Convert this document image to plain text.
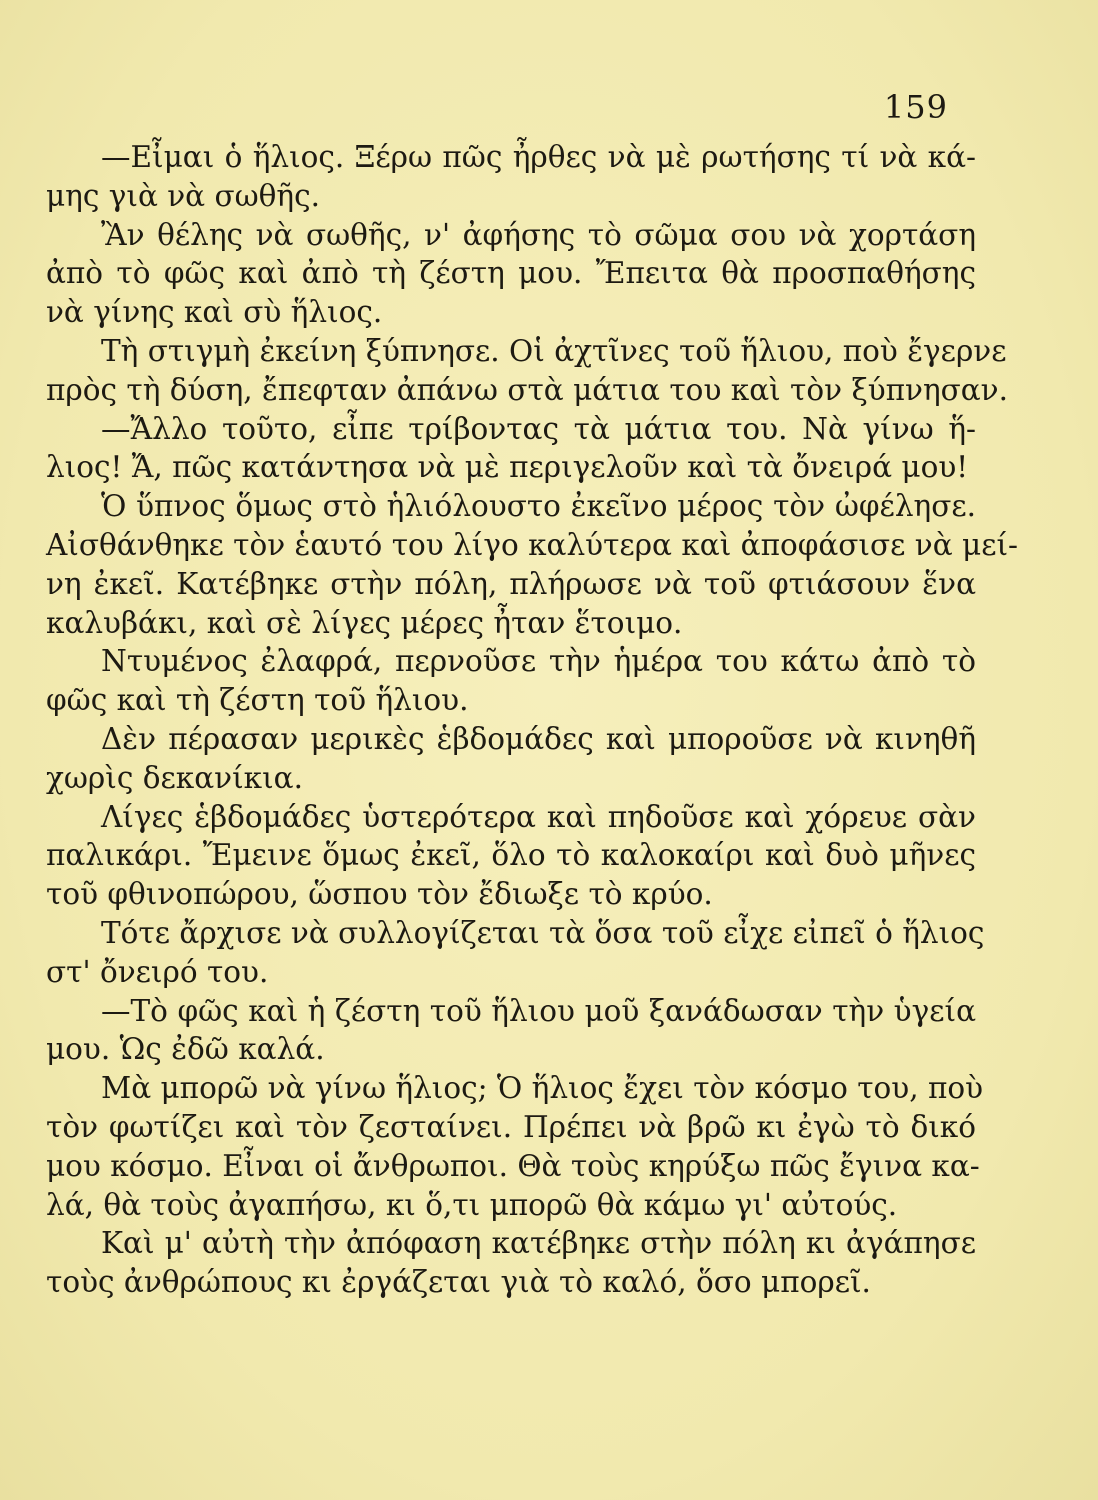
159
—Εἶμαι ὁ ἥλιος. Ξέρω πῶς ἦρθες νὰ μὲ ρωτήσης τί νὰ κά-
μης γιὰ νὰ σωθῆς.
Ἂν θέλης νὰ σωθῆς, ν' ἀφήσης τὸ σῶμα σου νὰ χορτάση
ἀπὸ τὸ φῶς καὶ ἀπὸ τὴ ζέστη μου. Ἔπειτα θὰ προσπαθήσης
νὰ γίνης καὶ σὺ ἥλιος.
Τὴ στιγμὴ ἐκείνη ξύπνησε. Οἱ ἀχτῖνες τοῦ ἥλιου, ποὺ ἔγερνε
πρὸς τὴ δύση, ἔπεφταν ἀπάνω στὰ μάτια του καὶ τὸν ξύπνησαν.
—Ἄλλο τοῦτο, εἶπε τρίβοντας τὰ μάτια του. Νὰ γίνω ἥ-
λιος! Ἄ, πῶς κατάντησα νὰ μὲ περιγελοῦν καὶ τὰ ὄνειρά μου!
Ὁ ὕπνος ὅμως στὸ ἡλιόλουστο ἐκεῖνο μέρος τὸν ὠφέλησε.
Αἰσθάνθηκε τὸν ἑαυτό του λίγο καλύτερα καὶ ἀποφάσισε νὰ μεί-
νη ἐκεῖ. Κατέβηκε στὴν πόλη, πλήρωσε νὰ τοῦ φτιάσουν ἕνα
καλυβάκι, καὶ σὲ λίγες μέρες ἦταν ἕτοιμο.
Ντυμένος ἐλαφρά, περνοῦσε τὴν ἡμέρα του κάτω ἀπὸ τὸ
φῶς καὶ τὴ ζέστη τοῦ ἥλιου.
Δὲν πέρασαν μερικὲς ἑβδομάδες καὶ μποροῦσε νὰ κινηθῆ
χωρὶς δεκανίκια.
Λίγες ἑβδομάδες ὑστερότερα καὶ πηδοῦσε καὶ χόρευε σὰν
παλικάρι. Ἔμεινε ὅμως ἐκεῖ, ὅλο τὸ καλοκαίρι καὶ δυὸ μῆνες
τοῦ φθινοπώρου, ὥσπου τὸν ἔδιωξε τὸ κρύο.
Τότε ἄρχισε νὰ συλλογίζεται τὰ ὅσα τοῦ εἶχε εἰπεῖ ὁ ἥλιος
στ' ὄνειρό του.
—Τὸ φῶς καὶ ἡ ζέστη τοῦ ἥλιου μοῦ ξανάδωσαν τὴν ὑγεία
μου. Ὡς ἐδῶ καλά.
Μὰ μπορῶ νὰ γίνω ἥλιος; Ὁ ἥλιος ἔχει τὸν κόσμο του, ποὺ
τὸν φωτίζει καὶ τὸν ζεσταίνει. Πρέπει νὰ βρῶ κι ἐγὼ τὸ δικό
μου κόσμο. Εἶναι οἱ ἄνθρωποι. Θὰ τοὺς κηρύξω πῶς ἔγινα κα-
λά, θὰ τοὺς ἀγαπήσω, κι ὅ,τι μπορῶ θὰ κάμω γι' αὐτούς.
Καὶ μ' αὐτὴ τὴν ἀπόφαση κατέβηκε στὴν πόλη κι ἀγάπησε
τοὺς ἀνθρώπους κι ἐργάζεται γιὰ τὸ καλό, ὅσο μπορεῖ.
